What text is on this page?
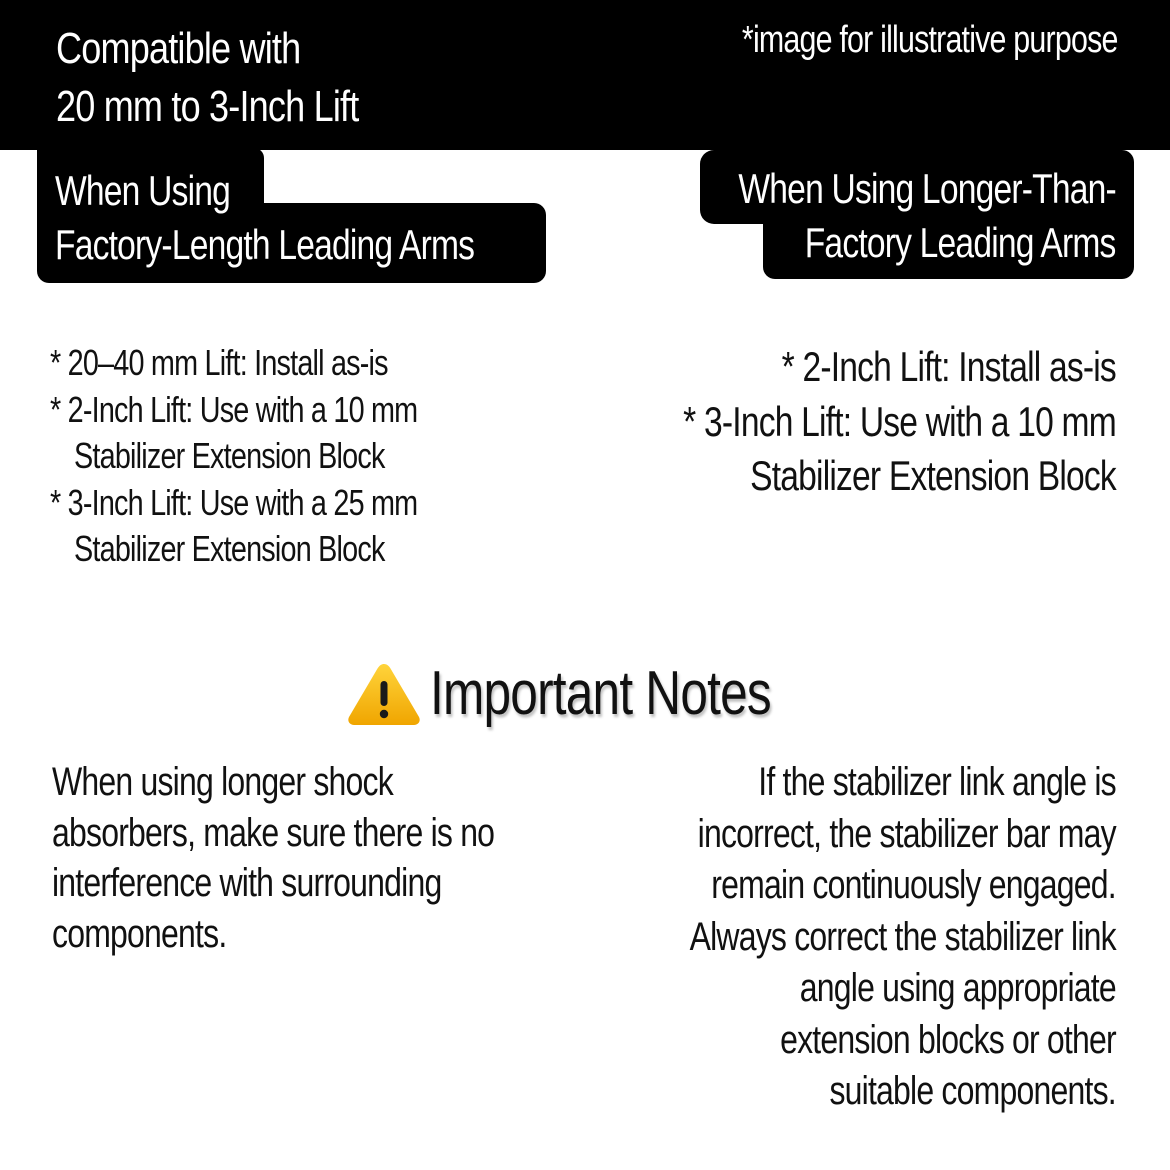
Compatible with
20 mm to 3-Inch Lift
*image for illustrative purpose
When Using
Factory-Length Leading Arms
When Using Longer-Than-
Factory Leading Arms
* 20–40 mm Lift: Install as-is
* 2-Inch Lift: Use with a 10 mm
Stabilizer Extension Block
* 3-Inch Lift: Use with a 25 mm
Stabilizer Extension Block
* 2-Inch Lift: Install as-is
* 3-Inch Lift: Use with a 10 mm
Stabilizer Extension Block
Important Notes
When using longer shock
absorbers, make sure there is no
interference with surrounding
components.
If the stabilizer link angle is
incorrect, the stabilizer bar may
remain continuously engaged.
Always correct the stabilizer link
angle using appropriate
extension blocks or other
suitable components.
